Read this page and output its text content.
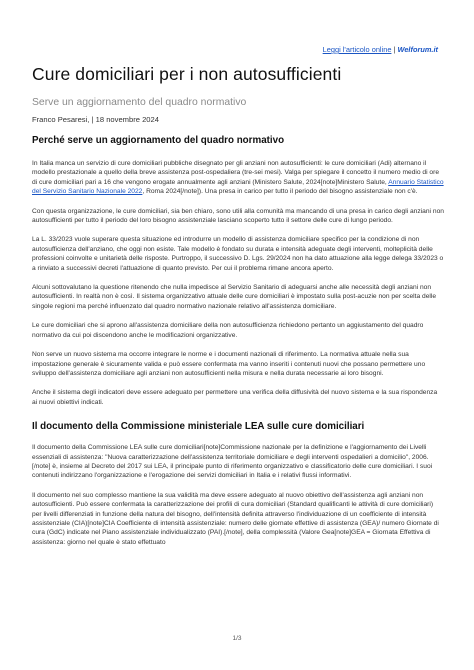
Leggi l'articolo online | Welforum.it
Cure domiciliari per i non autosufficienti
Serve un aggiornamento del quadro normativo
Franco Pesaresi, | 18 novembre 2024
Perché serve un aggiornamento del quadro normativo

In Italia manca un servizio di cure domiciliari pubbliche disegnato per gli anziani non autosufficienti: le cure domiciliari (Adi) alternano il modello prestazionale a quello della breve assistenza post-ospedaliera (tre-sei mesi). Valga per spiegare il concetto il numero medio di ore di cure domiciliari pari a 16 che vengono erogate annualmente agli anziani (Ministero Salute, 2024[note]Ministero Salute, Annuario Statistico del Servizio Sanitario Nazionale 2022, Roma 2024[/note]). Una presa in carico per tutto il periodo del bisogno assistenziale non c'è.

Con questa organizzazione, le cure domiciliari, sia ben chiaro, sono utili alla comunità ma mancando di una presa in carico degli anziani non autosufficienti per tutto il periodo del loro bisogno assistenziale lasciano scoperto tutto il settore delle cure di lungo periodo.

La L. 33/2023 vuole superare questa situazione ed introdurre un modello di assistenza domiciliare specifico per la condizione di non autosufficienza dell'anziano, che oggi non esiste. Tale modello è fondato su durata e intensità adeguate degli interventi, molteplicità delle professioni coinvolte e unitarietà delle risposte. Purtroppo, il successivo D. Lgs. 29/2024 non ha dato attuazione alla legge delega 33/2023 o a rinviato a successivi decreti l'attuazione di quanto previsto. Per cui il problema rimane ancora aperto.

Alcuni sottovalutano la questione ritenendo che nulla impedisce al Servizio Sanitario di adeguarsi anche alle necessità degli anziani non autosufficienti. In realtà non è così. Il sistema organizzativo attuale delle cure domiciliari è impostato sulla post-acuzie non per scelta delle singole regioni ma perché influenzato dal quadro normativo nazionale relativo all'assistenza domiciliare.

Le cure domiciliari che si aprono all'assistenza domiciliare della non autosufficienza richiedono pertanto un aggiustamento del quadro normativo da cui poi discendono anche le modificazioni organizzative.

Non serve un nuovo sistema ma occorre integrare le norme e i documenti nazionali di riferimento. La normativa attuale nella sua impostazione generale è sicuramente valida e può essere confermata ma vanno inseriti i contenuti nuovi che possano permettere uno sviluppo dell'assistenza domiciliare agli anziani non autosufficienti nella misura e nella durata necessarie ai loro bisogni.

Anche il sistema degli indicatori deve essere adeguato per permettere una verifica della diffusività del nuovo sistema e la sua rispondenza ai nuovi obiettivi indicati.

Il documento della Commissione ministeriale LEA sulle cure domiciliari

Il documento della Commissione LEA sulle cure domiciliari[note]Commissione nazionale per la definizione e l'aggiornamento dei Livelli essenziali di assistenza: "Nuova caratterizzazione dell'assistenza territoriale domiciliare e degli interventi ospedalieri a domicilio", 2006.[/note] è, insieme al Decreto del 2017 sui LEA, il principale punto di riferimento organizzativo e classificatorio delle cure domiciliari. I suoi contenuti indirizzano l'organizzazione e l'erogazione dei servizi domiciliari in Italia e i relativi flussi informativi.

Il documento nel suo complesso mantiene la sua validità ma deve essere adeguato al nuovo obiettivo dell'assistenza agli anziani non autosufficienti. Può essere confermata la caratterizzazione dei profili di cura domiciliari (Standard qualificanti le attività di cure domiciliari) per livelli differenziati in funzione della natura del bisogno, dell'intensità definita attraverso l'individuazione di un coefficiente di intensità assistenziale (CIA)[note]CIA Coefficiente di intensità assistenziale: numero delle giornate effettive di assistenza (GEA)/ numero Giornate di cura (GdC) indicate nel Piano assistenziale individualizzato (PAI).[/note], della complessità (Valore Gea[note]GEA = Giornata Effettiva di assistenza: giorno nel quale è stato effettuato

1/3
